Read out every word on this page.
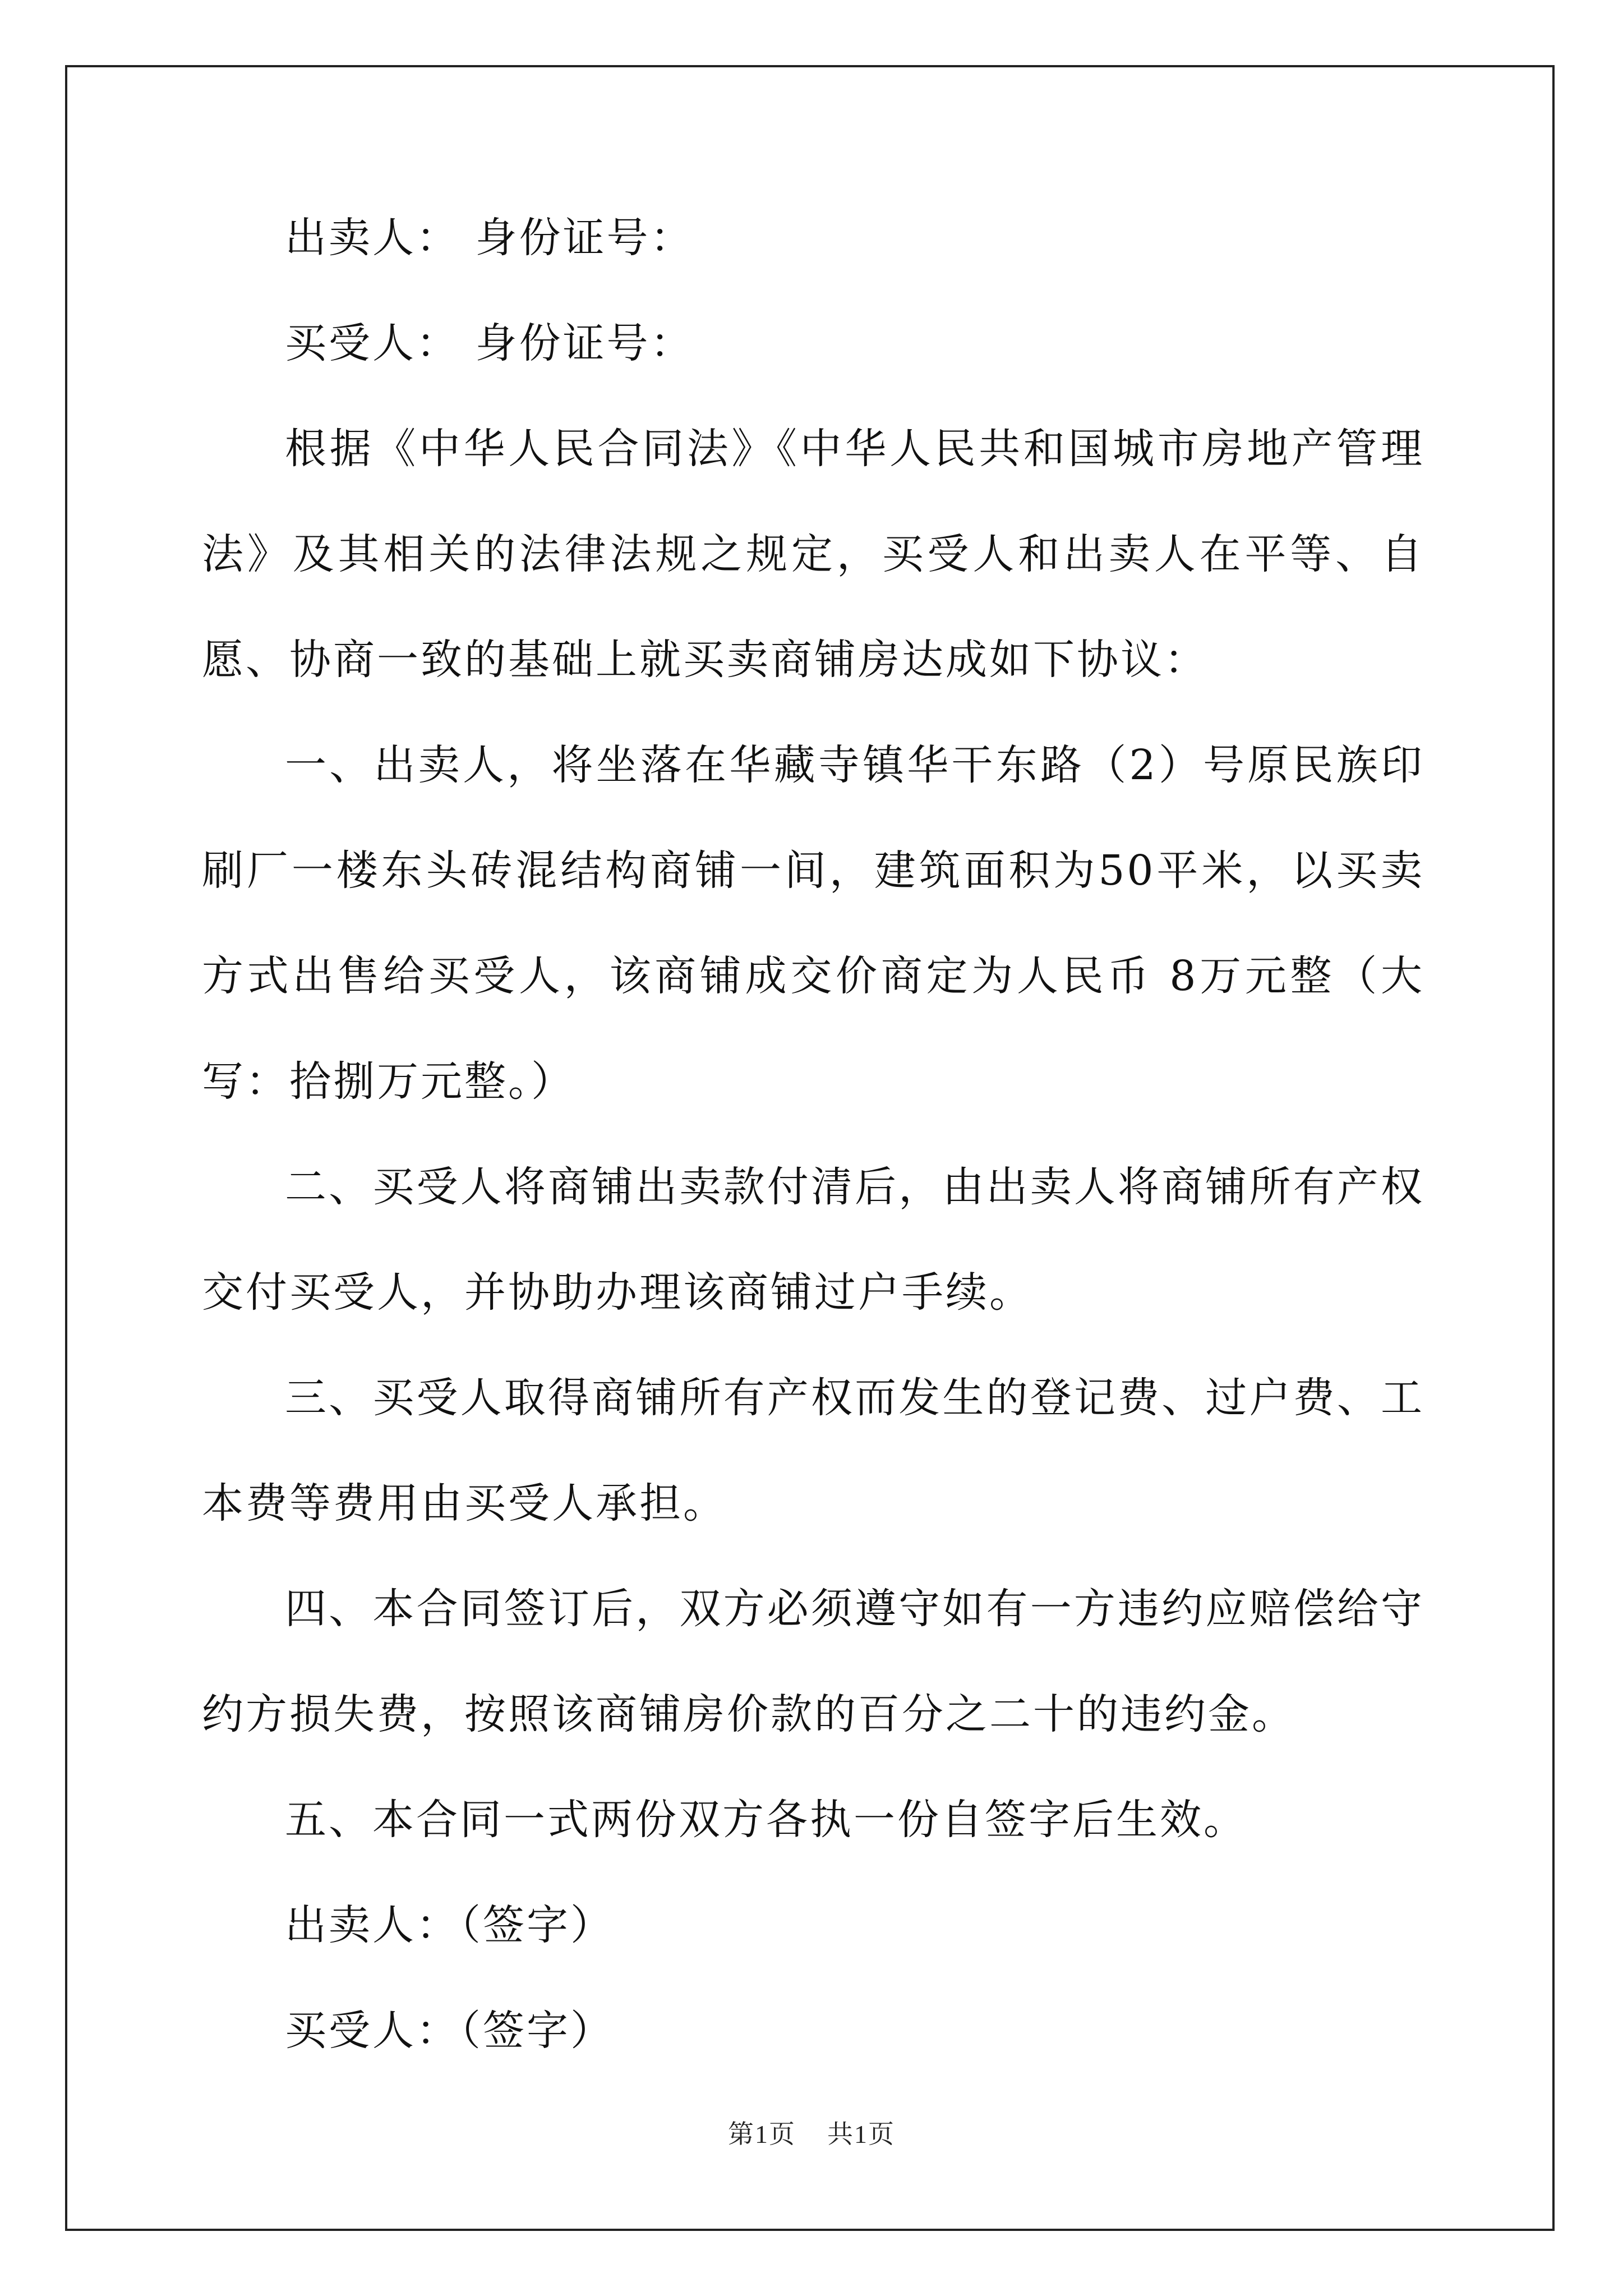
出卖人： 身份证号：

买受人： 身份证号：

根据《中华人民合同法》《中华人民共和国城市房地产管理法》及其相关的法律法规之规定，买受人和出卖人在平等、自愿、协商一致的基础上就买卖商铺房达成如下协议：

一、出卖人，将坐落在华藏寺镇华干东路（2）号原民族印刷厂一楼东头砖混结构商铺一间，建筑面积为50平米，以买卖方式出售给买受人，该商铺成交价商定为人民币 8万元整（大写：拾捌万元整。）

二、买受人将商铺出卖款付清后，由出卖人将商铺所有产权交付买受人，并协助办理该商铺过户手续。

三、买受人取得商铺所有产权而发生的登记费、过户费、工本费等费用由买受人承担。

四、本合同签订后，双方必须遵守如有一方违约应赔偿给守约方损失费，按照该商铺房价款的百分之二十的违约金。

五、本合同一式两份双方各执一份自签字后生效。

出卖人：（签字）

买受人：（签字）

第1页 共1页
